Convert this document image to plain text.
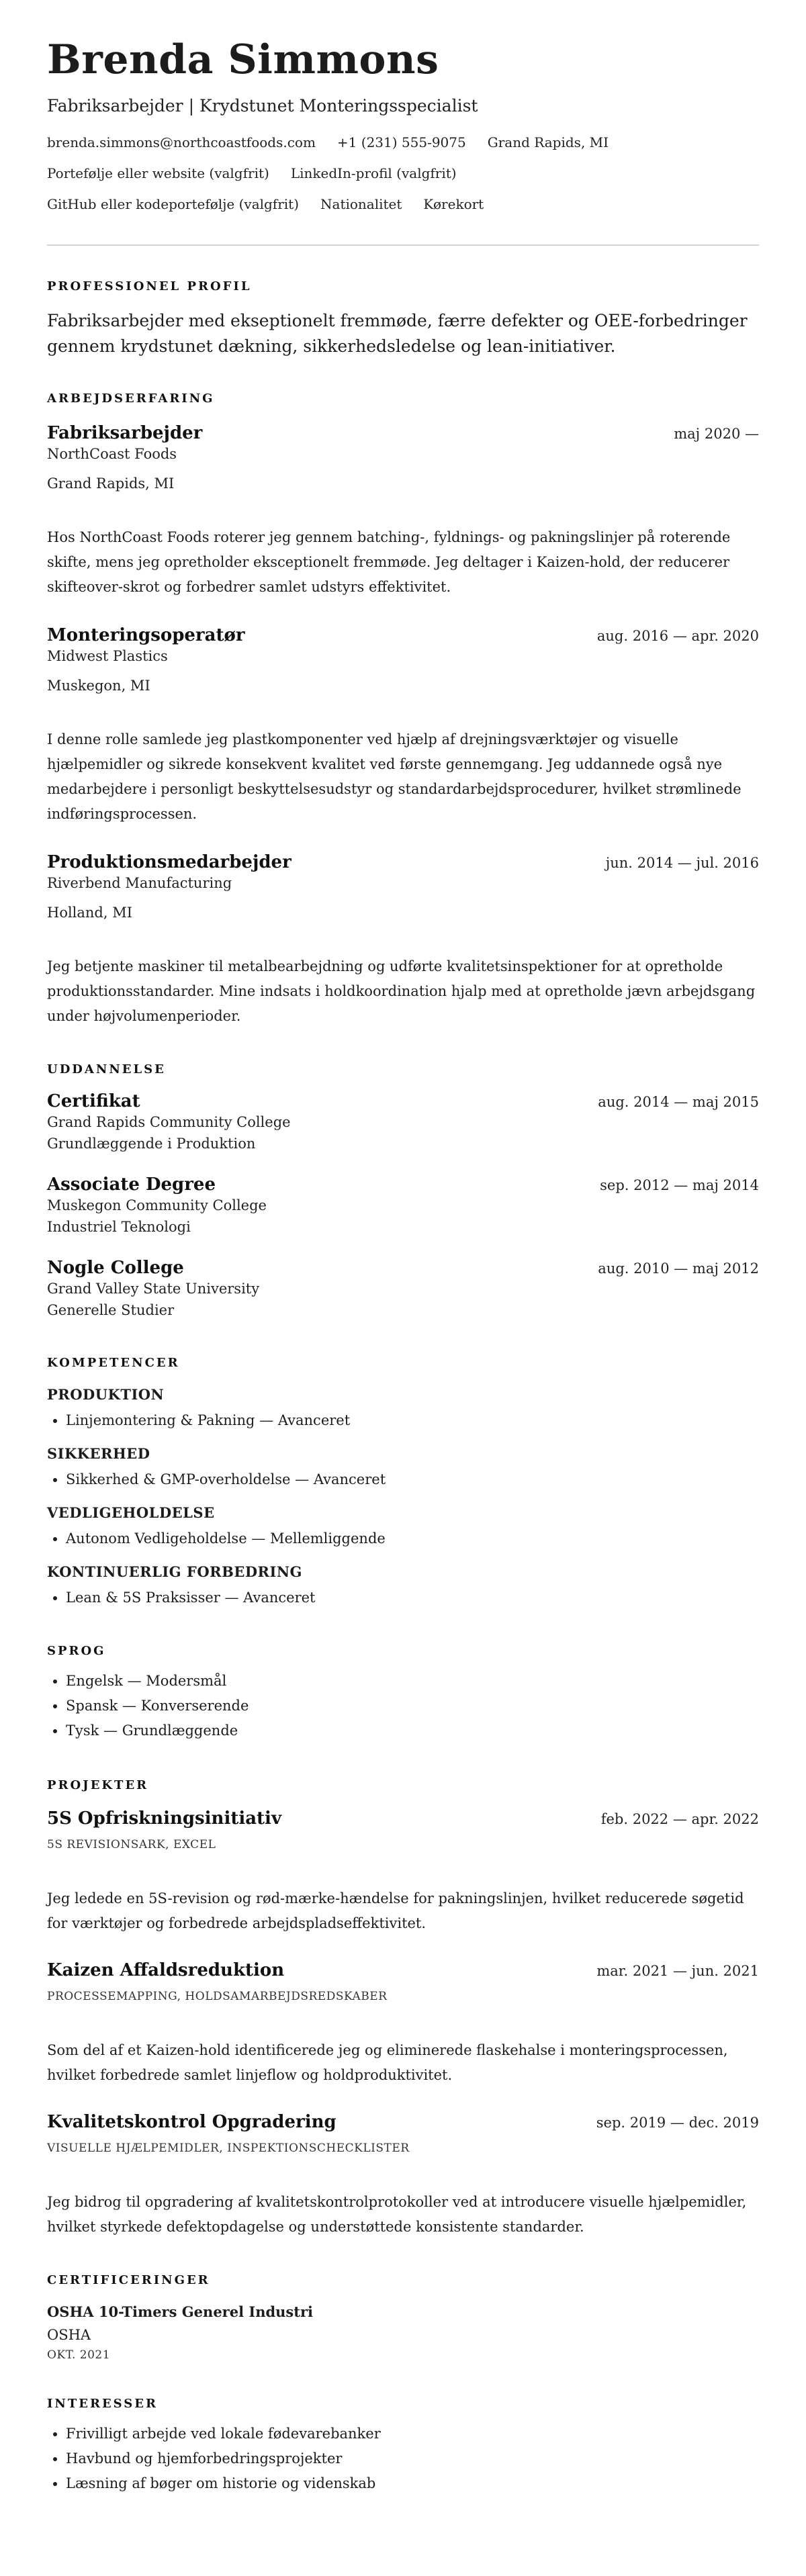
Brenda Simmons
Fabriksarbejder | Krydstunet Monteringsspecialist
brenda.simmons@northcoastfoods.com +1 (231) 555-9075 Grand Rapids, MI
Portefølje eller website (valgfrit) LinkedIn-profil (valgfrit)
GitHub eller kodeportefølje (valgfrit) Nationalitet Kørekort
PROFESSIONEL PROFIL
Fabriksarbejder med ekseptionelt fremmøde, færre defekter og OEE-forbedringer gennem krydstunet dækning, sikkerhedsledelse og lean-initiativer.
ARBEJDSERFARING
Fabriksarbejder	maj 2020 —
NorthCoast Foods
Grand Rapids, MI
Hos NorthCoast Foods roterer jeg gennem batching-, fyldnings- og pakningslinjer på roterende skifte, mens jeg opretholder eksceptionelt fremmøde. Jeg deltager i Kaizen-hold, der reducerer skifteover-skrot og forbedrer samlet udstyrs effektivitet.
Monteringsoperatør	aug. 2016 — apr. 2020
Midwest Plastics
Muskegon, MI
I denne rolle samlede jeg plastkomponenter ved hjælp af drejningsværktøjer og visuelle hjælpemidler og sikrede konsekvent kvalitet ved første gennemgang. Jeg uddannede også nye medarbejdere i personligt beskyttelsesudstyr og standardarbejdsprocedurer, hvilket strømlinede indføringsprocessen.
Produktionsmedarbejder	jun. 2014 — jul. 2016
Riverbend Manufacturing
Holland, MI
Jeg betjente maskiner til metalbearbejdning og udførte kvalitetsinspektioner for at opretholde produktionsstandarder. Mine indsats i holdkoordination hjalp med at opretholde jævn arbejdsgang under højvolumenperioder.
UDDANNELSE
Certifikat	aug. 2014 — maj 2015
Grand Rapids Community College
Grundlæggende i Produktion
Associate Degree	sep. 2012 — maj 2014
Muskegon Community College
Industriel Teknologi
Nogle College	aug. 2010 — maj 2012
Grand Valley State University
Generelle Studier
KOMPETENCER
PRODUKTION
• Linjemontering & Pakning — Avanceret
SIKKERHED
• Sikkerhed & GMP-overholdelse — Avanceret
VEDLIGEHOLDELSE
• Autonom Vedligeholdelse — Mellemliggende
KONTINUERLIG FORBEDRING
• Lean & 5S Praksisser — Avanceret
SPROG
• Engelsk — Modersmål
• Spansk — Konverserende
• Tysk — Grundlæggende
PROJEKTER
5S Opfriskningsinitiativ	feb. 2022 — apr. 2022
5S REVISIONSARK, EXCEL
Jeg ledede en 5S-revision og rød-mærke-hændelse for pakningslinjen, hvilket reducerede søgetid for værktøjer og forbedrede arbejdspladseffektivitet.
Kaizen Affaldsreduktion	mar. 2021 — jun. 2021
PROCESSEMAPPING, HOLDSAMARBEJDSREDSKABER
Som del af et Kaizen-hold identificerede jeg og eliminerede flaskehalse i monteringsprocessen, hvilket forbedrede samlet linjeflow og holdproduktivitet.
Kvalitetskontrol Opgradering	sep. 2019 — dec. 2019
VISUELLE HJÆLPEMIDLER, INSPEKTIONSCHECKLISTER
Jeg bidrog til opgradering af kvalitetskontrolprotokoller ved at introducere visuelle hjælpemidler, hvilket styrkede defektopdagelse og understøttede konsistente standarder.
CERTIFICERINGER
OSHA 10-Timers Generel Industri
OSHA
OKT. 2021
INTERESSER
• Frivilligt arbejde ved lokale fødevarebanker
• Havbund og hjemforbedringsprojekter
• Læsning af bøger om historie og videnskab
